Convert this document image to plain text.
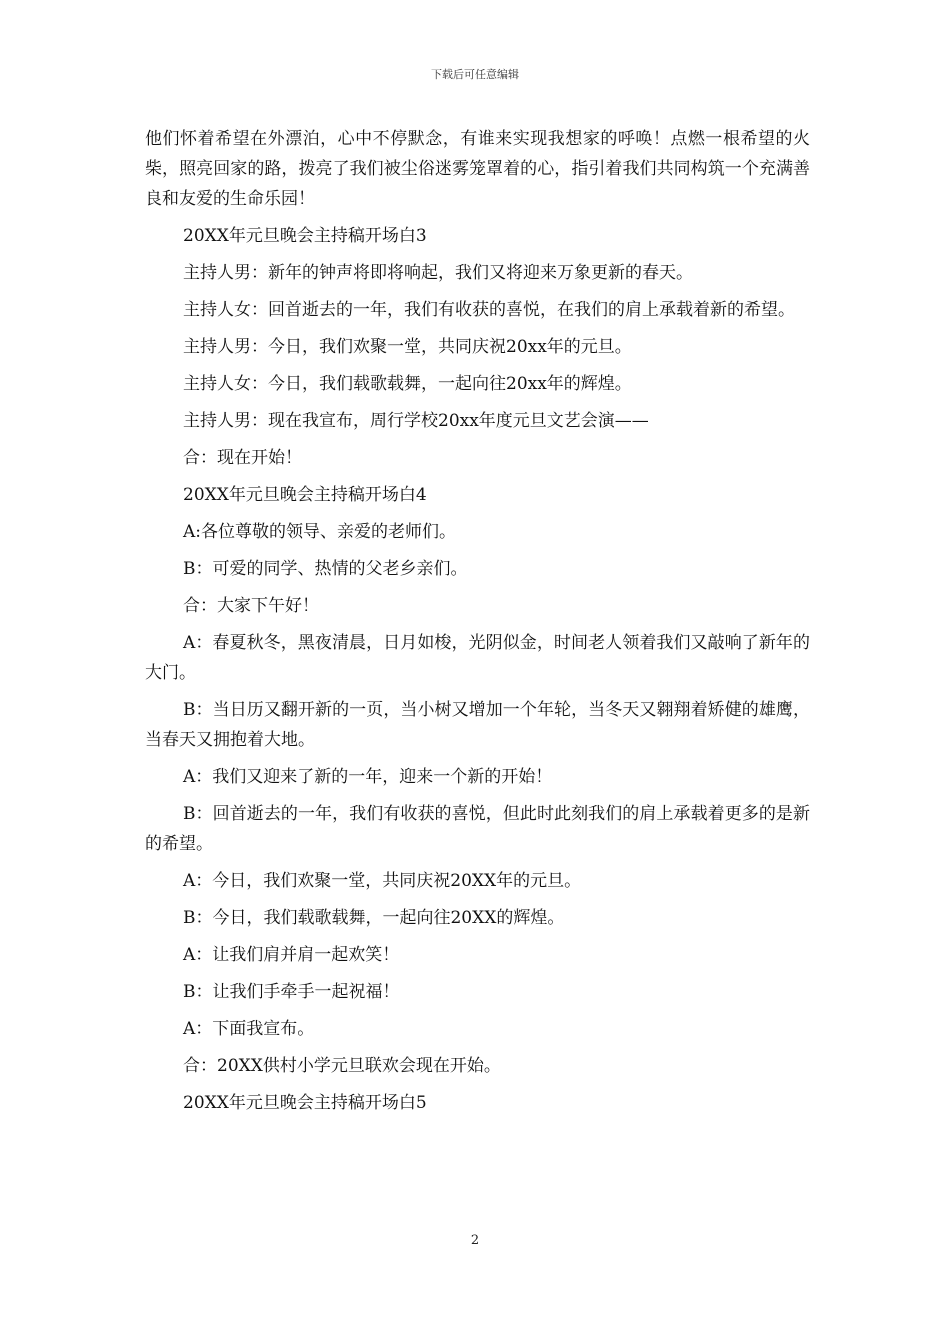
下载后可任意编辑

他们怀着希望在外漂泊，心中不停默念，有谁来实现我想家的呼唤！点燃一根希望的火柴，照亮回家的路，拨亮了我们被尘俗迷雾笼罩着的心，指引着我们共同构筑一个充满善良和友爱的生命乐园！

20XX年元旦晚会主持稿开场白3

主持人男：新年的钟声将即将响起，我们又将迎来万象更新的春天。

主持人女：回首逝去的一年，我们有收获的喜悦，在我们的肩上承载着新的希望。

主持人男：今日，我们欢聚一堂，共同庆祝20xx年的元旦。

主持人女：今日，我们载歌载舞，一起向往20xx年的辉煌。

主持人男：现在我宣布，周行学校20xx年度元旦文艺会演——

合：现在开始！

20XX年元旦晚会主持稿开场白4

A:各位尊敬的领导、亲爱的老师们。

B：可爱的同学、热情的父老乡亲们。

合：大家下午好！

A：春夏秋冬，黑夜清晨，日月如梭，光阴似金，时间老人领着我们又敲响了新年的大门。

B：当日历又翻开新的一页，当小树又增加一个年轮，当冬天又翱翔着矫健的雄鹰，当春天又拥抱着大地。

A：我们又迎来了新的一年，迎来一个新的开始！

B：回首逝去的一年，我们有收获的喜悦，但此时此刻我们的肩上承载着更多的是新的希望。

A：今日，我们欢聚一堂，共同庆祝20XX年的元旦。

B：今日，我们载歌载舞，一起向往20XX的辉煌。

A：让我们肩并肩一起欢笑！

B：让我们手牵手一起祝福！

A：下面我宣布。

合：20XX供村小学元旦联欢会现在开始。

20XX年元旦晚会主持稿开场白5

2
